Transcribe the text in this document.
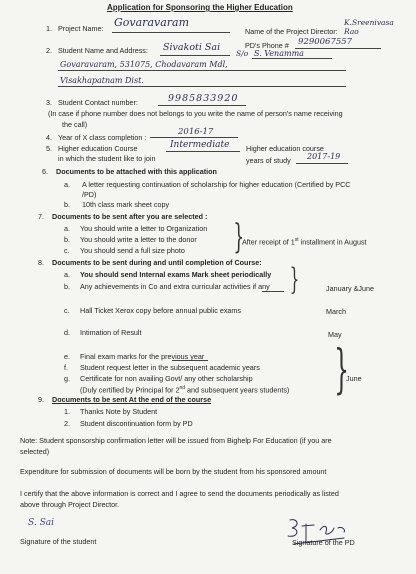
Application for Sponsoring the Higher Education
1. Project Name: Govaravaram
Name of the Project Director:
K.Sreenivasa Rao
PD's Phone # 9290067557
2. Student Name and Address: Sivakoti Sai
S/o S. Venamma
Govaravaram, 531075, Chodavaram Mdl,
Visakhapatnam Dist.
3. Student Contact number:	9985833920
(In case if phone number does not belongs to you write the name of person's name receiving
the call)
4. Year of X class completion :
2016-17
5. Higher education Course	Intermediate
in which the student like to join
Higher education course
years of study 2017-19
6. Documents to be attached with this application
a. A letter requesting continuation of scholarship for higher education (Certified by PCC
/PD)
b. 10th class mark sheet copy
7. Documents to be sent after you are selected :
a. You should write a letter to Organization
b. You should write a letter to the donor
c. You should send a full size photo }
After receipt of 1st installment in August
8. Documents to be sent during and until completion of Course:
a. You should send Internal exams Mark sheet periodically
b. Any achievements in Co and extra curricular activities if any }	January &June
c. Hall Ticket Xerox copy before annual public exams	March
d. Intimation of Result	May
e. Final exam marks for the previous year
f. Student request letter in the subsequent academic years
g. Certificate for non availing Govt/ any other scholarship
(Duly certified by Principal for 2nd and subsequent years students) }
June
9. Documents to be sent At the end of the course
1. Thanks Note by Student
2. Student discontinuation form by PD
Note: Student sponsorship confirmation letter will be issued from Bighelp For Education (if you are
selected)
Expenditure for submission of documents will be born by the student from his sponsored amount
I certify that the above information is correct and I agree to send the documents periodically as listed
above through Project Director.
S. Sai
Signature of the student	Signature of the PD
